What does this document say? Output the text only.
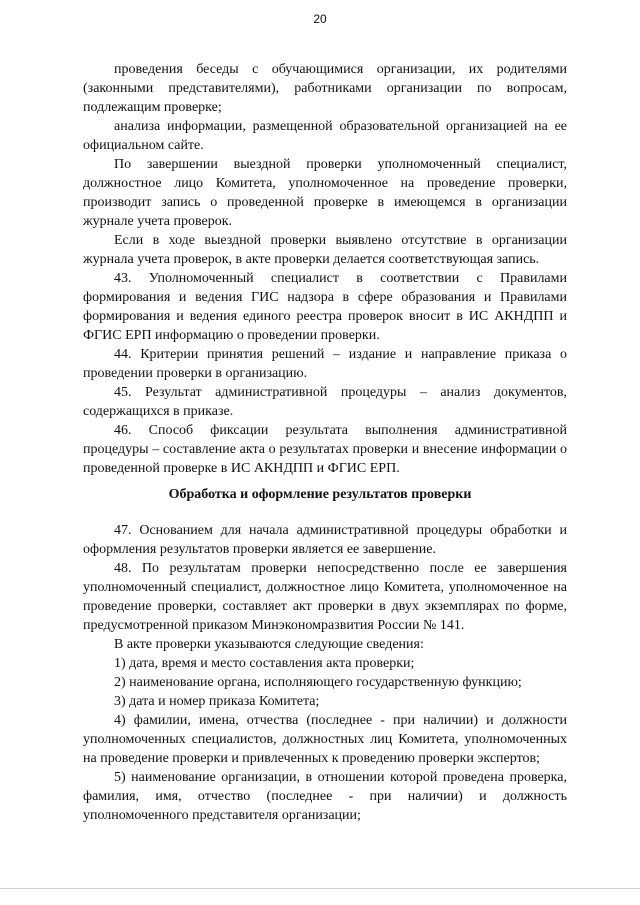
20

проведения беседы с обучающимися организации, их родителями (законными представителями), работниками организации по вопросам, подлежащим проверке;

анализа информации, размещенной образовательной организацией на ее официальном сайте.

По завершении выездной проверки уполномоченный специалист, должностное лицо Комитета, уполномоченное на проведение проверки, производит запись о проведенной проверке в имеющемся в организации журнале учета проверок.

Если в ходе выездной проверки выявлено отсутствие в организации журнала учета проверок, в акте проверки делается соответствующая запись.

43. Уполномоченный специалист в соответствии с Правилами формирования и ведения ГИС надзора в сфере образования и Правилами формирования и ведения единого реестра проверок вносит в ИС АКНДПП и ФГИС ЕРП информацию о проведении проверки.

44. Критерии принятия решений – издание и направление приказа о проведении проверки в организацию.

45. Результат административной процедуры – анализ документов, содержащихся в приказе.

46. Способ фиксации результата выполнения административной процедуры – составление акта о результатах проверки и внесение информации о проведенной проверке в ИС АКНДПП и ФГИС ЕРП.

Обработка и оформление результатов проверки

47. Основанием для начала административной процедуры обработки и оформления результатов проверки является ее завершение.

48. По результатам проверки непосредственно после ее завершения уполномоченный специалист, должностное лицо Комитета, уполномоченное на проведение проверки, составляет акт проверки в двух экземплярах по форме, предусмотренной приказом Минэкономразвития России № 141.

В акте проверки указываются следующие сведения:

1) дата, время и место составления акта проверки;

2) наименование органа, исполняющего государственную функцию;

3) дата и номер приказа Комитета;

4) фамилии, имена, отчества (последнее - при наличии) и должности уполномоченных специалистов, должностных лиц Комитета, уполномоченных на проведение проверки и привлеченных к проведению проверки экспертов;

5) наименование организации, в отношении которой проведена проверка, фамилия, имя, отчество (последнее - при наличии) и должность уполномоченного представителя организации;
